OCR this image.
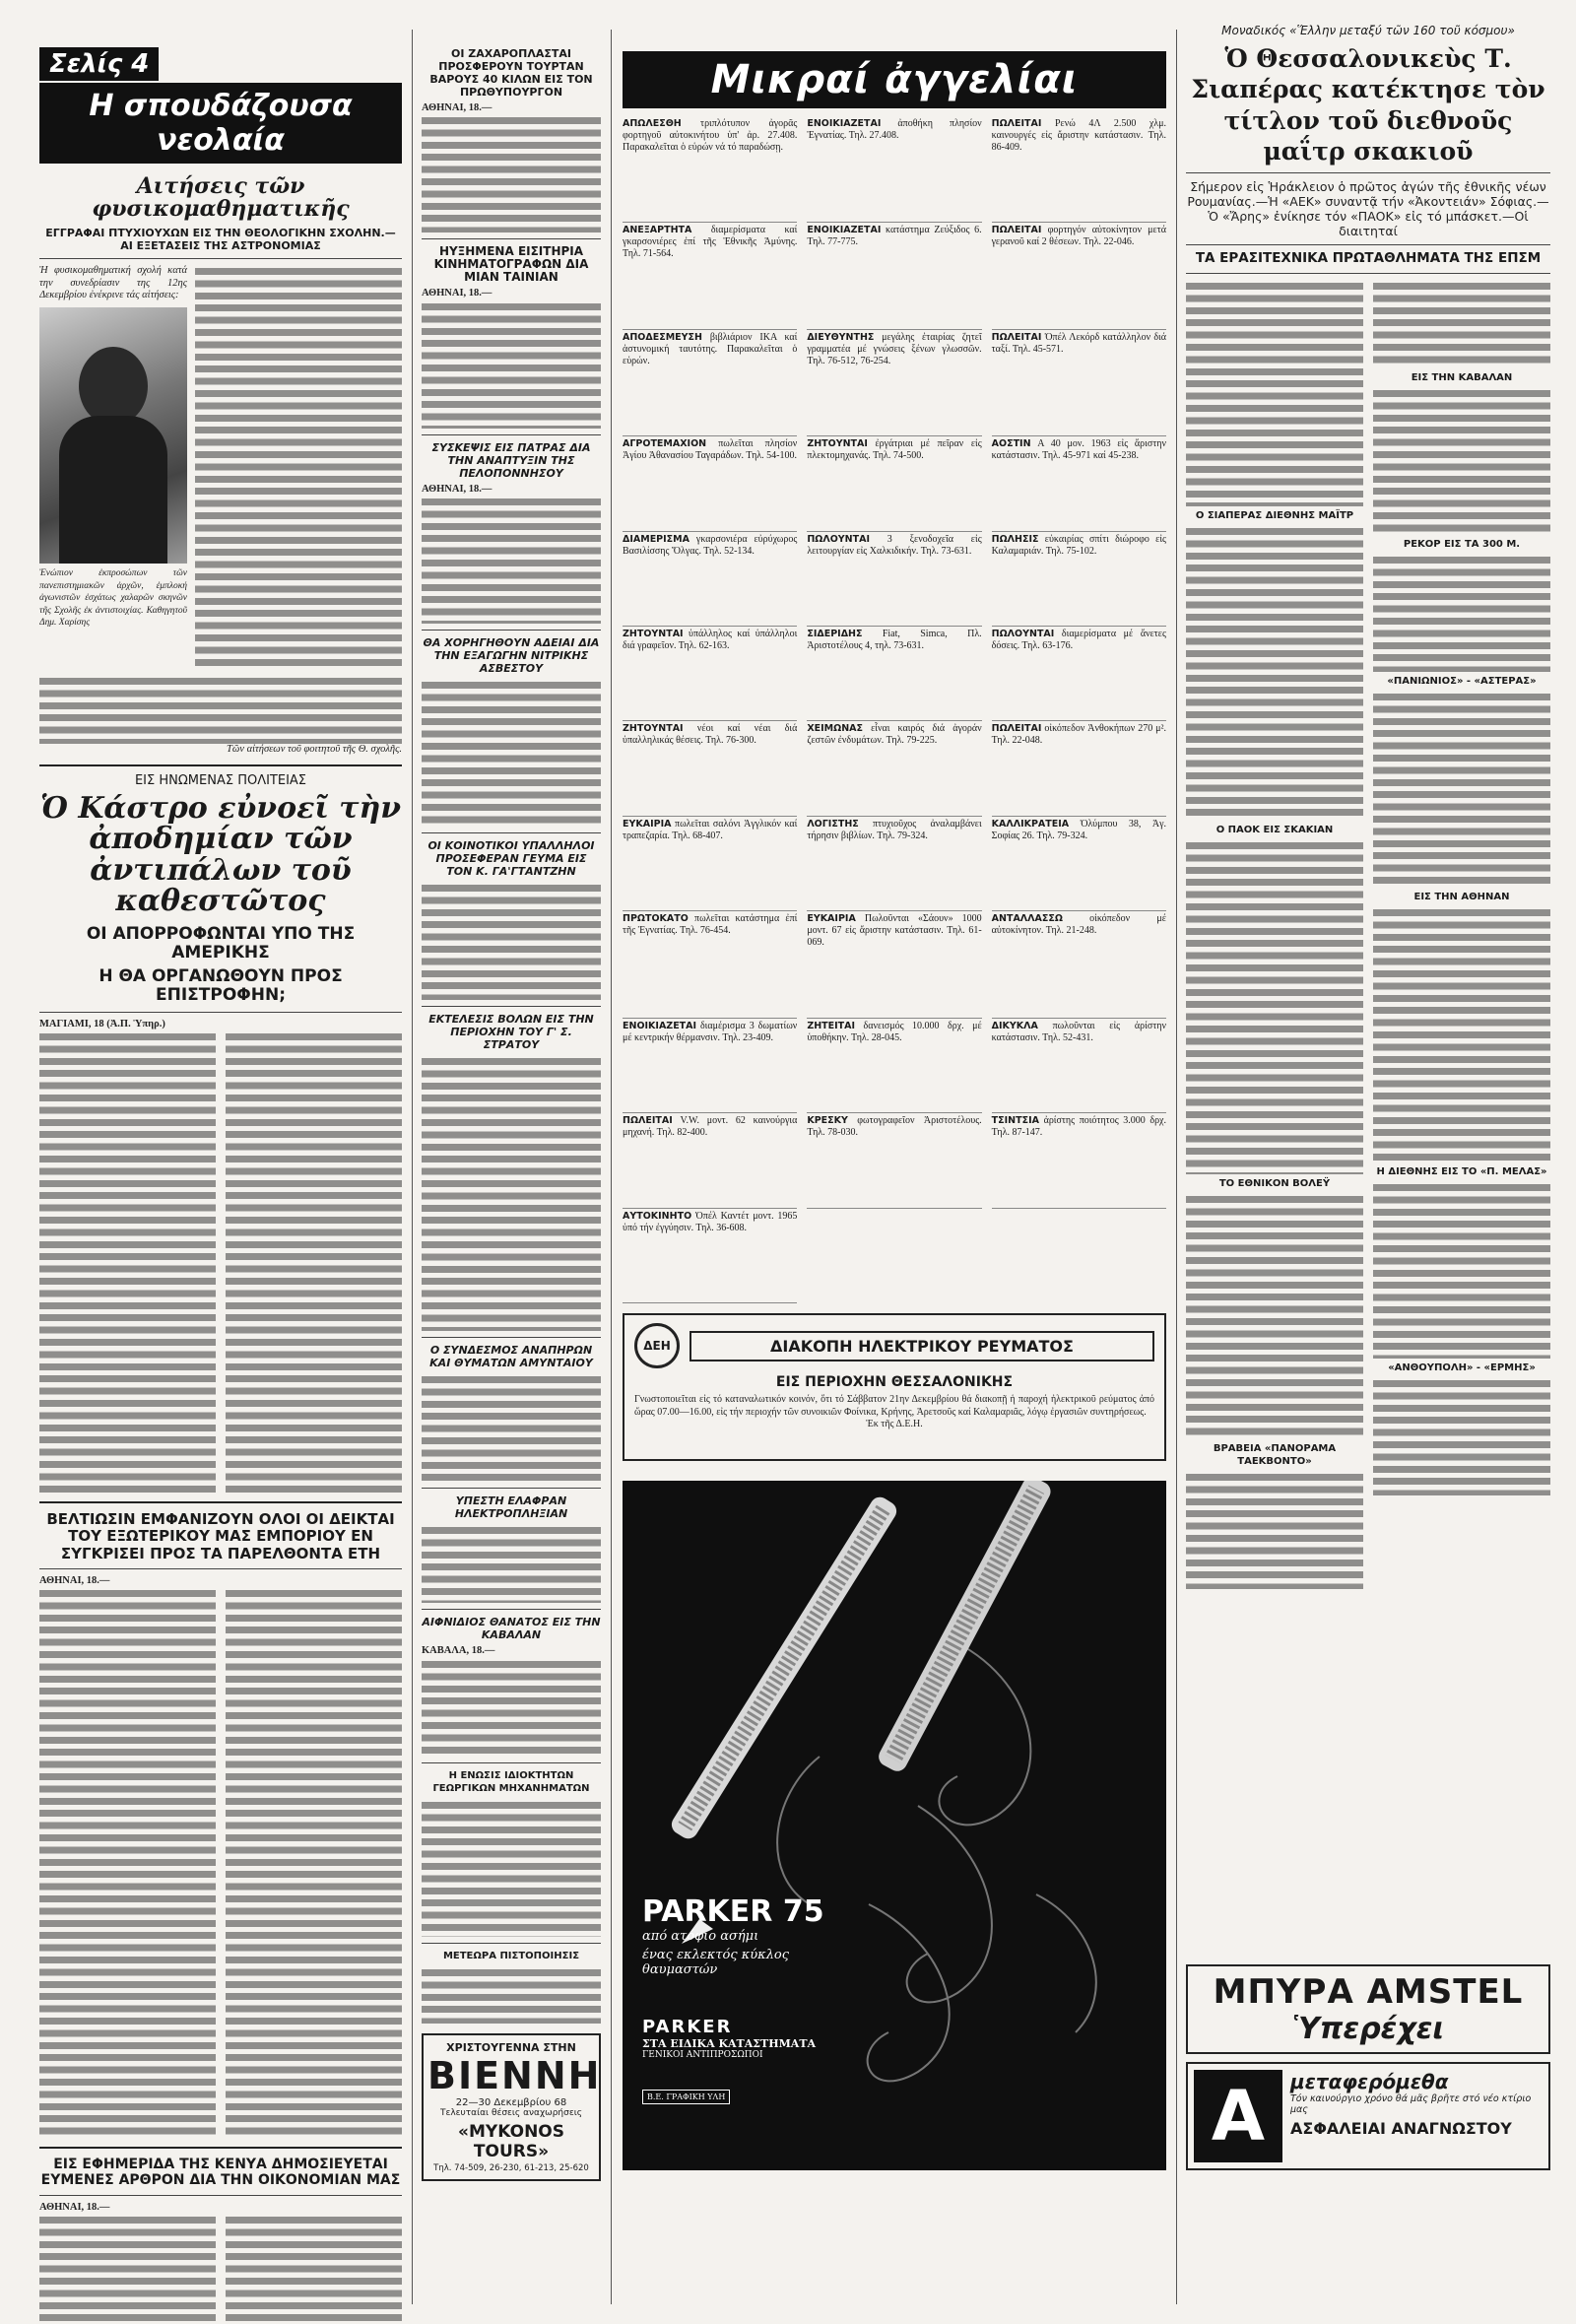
Σελίς 4
Η σπουδάζουσα νεολαία
Αιτήσεις τῶν φυσικομαθηματικῆς
ΕΓΓΡΑΦΑΙ ΠΤΥΧΙΟΥΧΩΝ ΕΙΣ ΤΗΝ ΘΕΟΛΟΓΙΚΗΝ ΣΧΟΛΗΝ.— ΑΙ ΕΞΕΤΑΣΕΙΣ ΤΗΣ ΑΣΤΡΟΝΟΜΙΑΣ
Ἡ φυσικομαθηματική σχολή κατά την συνεδρίασιν της 12ης Δεκεμβρίου ἐνέκρινε τάς αἰτήσεις:
Ἐνώπιον ἐκπροσώπων τῶν πανεπιστημιακῶν ἀρχῶν, ἐμπλοκή ἀγωνιστῶν ἐσχάτως χαλαρῶν σκηνῶν τῆς Σχολῆς ἐκ ἀντιστοιχίας. Καθηγητοῦ Δημ. Χαρίσης
Τῶν αἰτήσεων τοῦ φοιτητοῦ τῆς Θ. σχολῆς.
ΕΙΣ ΗΝΩΜΕΝΑΣ ΠΟΛΙΤΕΙΑΣ
Ὁ Κάστρο εὐνοεῖ τὴν ἀποδημίαν τῶν ἀντιπάλων τοῦ καθεστῶτος
ΟΙ ΑΠΟΡΡΟΦΩΝΤΑΙ ΥΠΟ ΤΗΣ ΑΜΕΡΙΚΗΣ
Η ΘΑ ΟΡΓΑΝΩΘΟΥΝ ΠΡΟΣ ΕΠΙΣΤΡΟΦΗΝ;
ΜΑΓΙΑΜΙ, 18 (Ἀ.Π. Ὑπηρ.)
ΒΕΛΤΙΩΣΙΝ ΕΜΦΑΝΙΖΟΥΝ ΟΛΟΙ ΟΙ ΔΕΙΚΤΑΙ ΤΟΥ ΕΞΩΤΕΡΙΚΟΥ ΜΑΣ ΕΜΠΟΡΙΟΥ ΕΝ ΣΥΓΚΡΙΣΕΙ ΠΡΟΣ ΤΑ ΠΑΡΕΛΘΟΝΤΑ ΕΤΗ
ΑΘΗΝΑΙ, 18.—
ΕΙΣ ΕΦΗΜΕΡΙΔΑ ΤΗΣ ΚΕΝΥΑ ΔΗΜΟΣΙΕΥΕΤΑΙ ΕΥΜΕΝΕΣ ΑΡΘΡΟΝ ΔΙΑ ΤΗΝ ΟΙΚΟΝΟΜΙΑΝ ΜΑΣ
ΑΘΗΝΑΙ, 18.—
ΟΙ ΖΑΧΑΡΟΠΛΑΣΤΑΙ ΠΡΟΣΦΕΡΟΥΝ ΤΟΥΡΤΑΝ ΒΑΡΟΥΣ 40 ΚΙΛΩΝ ΕΙΣ ΤΟΝ ΠΡΩΘΥΠΟΥΡΓΟΝ
ΑΘΗΝΑΙ, 18.—
ΗΥΞΗΜΕΝΑ ΕΙΣΙΤΗΡΙΑ ΚΙΝΗΜΑΤΟΓΡΑΦΩΝ ΔΙΑ ΜΙΑΝ ΤΑΙΝΙΑΝ
ΑΘΗΝΑΙ, 18.—
ΣΥΣΚΕΨΙΣ ΕΙΣ ΠΑΤΡΑΣ ΔΙΑ ΤΗΝ ΑΝΑΠΤΥΞΙΝ ΤΗΣ ΠΕΛΟΠΟΝΝΗΣΟΥ
ΑΘΗΝΑΙ, 18.—
ΘΑ ΧΟΡΗΓΗΘΟΥΝ ΑΔΕΙΑΙ ΔΙΑ ΤΗΝ ΕΞΑΓΩΓΗΝ ΝΙΤΡΙΚΗΣ ΑΣΒΕΣΤΟΥ
ΟΙ ΚΟΙΝΟΤΙΚΟΙ ΥΠΑΛΛΗΛΟΙ ΠΡΟΣΕΦΕΡΑΝ ΓΕΥΜΑ ΕΙΣ ΤΟΝ Κ. ΓΑ'ΓΤΑΝΤΖΗΝ
ΕΚΤΕΛΕΣΙΣ ΒΟΛΩΝ ΕΙΣ ΤΗΝ ΠΕΡΙΟΧΗΝ ΤΟΥ Γ' Σ. ΣΤΡΑΤΟΥ
Ο ΣΥΝΔΕΣΜΟΣ ΑΝΑΠΗΡΩΝ ΚΑΙ ΘΥΜΑΤΩΝ ΑΜΥΝΤΑΙΟΥ
ΥΠΕΣΤΗ ΕΛΑΦΡΑΝ ΗΛΕΚΤΡΟΠΛΗΞΙΑΝ
ΑΙΦΝΙΔΙΟΣ ΘΑΝΑΤΟΣ ΕΙΣ ΤΗΝ ΚΑΒΑΛΑΝ
ΚΑΒΑΛΑ, 18.—
Η ΕΝΩΣΙΣ ΙΔΙΟΚΤΗΤΩΝ ΓΕΩΡΓΙΚΩΝ ΜΗΧΑΝΗΜΑΤΩΝ
ΜΕΤΕΩΡΑ ΠΙΣΤΟΠΟΙΗΣΙΣ
ΧΡΙΣΤΟΥΓΕΝΝΑ ΣΤΗΝ
ΒΙΕΝΝΗ
22—30 Δεκεμβρίου 68
Τελευταίαι θέσεις αναχωρήσεις
«MYKONOS TOURS»
Τηλ. 74-509, 26-230, 61-213, 25-620
Μικραί ἀγγελίαι
ΑΠΩΛΕΣΘΗ τριπλότυπον ἀγορᾶς φορτηγοῦ αὐτοκινήτου ὑπ' ἀρ. 27.408. Παρακαλεῖται ὁ εὑρών νά τό παραδώσῃ.
ΕΝΟΙΚΙΑΖΕΤΑΙ ἀποθήκη πλησίον Ἐγνατίας. Τηλ. 27.408.
ΠΩΛΕΙΤΑΙ Ρενώ 4Λ 2.500 χλμ. καινουργές εἰς ἄριστην κατάστασιν. Τηλ. 86-409.
ΑΝΕΞΑΡΤΗΤΑ διαμερίσματα καί γκαρσονιέρες ἐπί τῆς Ἐθνικῆς Ἀμύνης. Τηλ. 71-564.
ΕΝΟΙΚΙΑΖΕΤΑΙ κατάστημα Ζεύξιδος 6. Τηλ. 77-775.
ΠΩΛΕΙΤΑΙ φορτηγόν αὐτοκίνητον μετά γερανοῦ καί 2 θέσεων. Τηλ. 22-046.
ΑΠΟΔΕΣΜΕΥΣΗ βιβλιάριον ΙΚΑ καί ἀστυνομική ταυτότης. Παρακαλεῖται ὁ εὑρών.
ΔΙΕΥΘΥΝΤΗΣ μεγάλης ἐταιρίας ζητεῖ γραμματέα μέ γνώσεις ξένων γλωσσῶν. Τηλ. 76-512, 76-254.
ΠΩΛΕΙΤΑΙ Ὀπέλ Λεκόρδ κατάλληλον διά ταξί. Τηλ. 45-571.
ΑΓΡΟΤΕΜΑΧΙΟΝ πωλεῖται πλησίον Ἀγίου Ἀθανασίου Ταγαράδων. Τηλ. 54-100.
ΖΗΤΟΥΝΤΑΙ ἐργάτριαι μέ πεῖραν εἰς πλεκτομηχανάς. Τηλ. 74-500.
ΑΟΣΤΙΝ A 40 μον. 1963 εἰς ἄριστην κατάστασιν. Τηλ. 45-971 καί 45-238.
ΔΙΑΜΕΡΙΣΜΑ γκαρσονιέρα εὐρύχωρος Βασιλίσσης Ὄλγας. Τηλ. 52-134.
ΠΩΛΟΥΝΤΑΙ 3 ξενοδοχεῖα εἰς λειτουργίαν εἰς Χαλκιδικήν. Τηλ. 73-631.
ΠΩΛΗΣΙΣ εὐκαιρίας σπίτι διώροφο εἰς Καλαμαριάν. Τηλ. 75-102.
ΖΗΤΟΥΝΤΑΙ ὑπάλληλος καί ὑπάλληλοι διά γραφεῖον. Τηλ. 62-163.
ΣΙΔΕΡΙΔΗΣ Fiat, Simca, Πλ. Ἀριστοτέλους 4, τηλ. 73-631.
ΠΩΛΟΥΝΤΑΙ διαμερίσματα μέ ἄνετες δόσεις. Τηλ. 63-176.
ΖΗΤΟΥΝΤΑΙ νέοι καί νέαι διά ὑπαλληλικάς θέσεις. Τηλ. 76-300.
ΧΕΙΜΩΝΑΣ εἶναι καιρός διά ἀγοράν ζεστῶν ἐνδυμάτων. Τηλ. 79-225.
ΠΩΛΕΙΤΑΙ οἰκόπεδον Ἀνθοκήπων 270 μ². Τηλ. 22-048.
ΕΥΚΑΙΡΙΑ πωλεῖται σαλόνι Ἀγγλικόν καί τραπεζαρία. Τηλ. 68-407.
ΛΟΓΙΣΤΗΣ πτυχιοῦχος ἀναλαμβάνει τήρησιν βιβλίων. Τηλ. 79-324.
ΚΑΛΛΙΚΡΑΤΕΙΑ Ὀλύμπου 38, Ἀγ. Σοφίας 26. Τηλ. 79-324.
ΠΡΩΤΟΚΑΤΟ πωλεῖται κατάστημα ἐπί τῆς Ἐγνατίας. Τηλ. 76-454.
ΕΥΚΑΙΡΙΑ Πωλοῦνται «Σάουν» 1000 μοντ. 67 εἰς ἄριστην κατάστασιν. Τηλ. 61-069.
ΑΝΤΑΛΛΑΣΣΩ	οἰκόπεδον μέ αὐτοκίνητον. Τηλ. 21-248.
ΕΝΟΙΚΙΑΖΕΤΑΙ διαμέρισμα 3 δωματίων μέ κεντρικήν θέρμανσιν. Τηλ. 23-409.
ΖΗΤΕΙΤΑΙ δανεισμός 10.000 δρχ. μέ ὑποθήκην. Τηλ. 28-045.
ΔΙΚΥΚΛΑ πωλοῦνται εἰς ἀρίστην κατάστασιν. Τηλ. 52-431.
ΠΩΛΕΙΤΑΙ V.W. μοντ. 62 καινούργια μηχανή. Τηλ. 82-400.
ΚΡΕΣΚΥ φωτογραφεῖον Ἀριστοτέλους. Τηλ. 78-030.
ΤΣΙΝΤΣΙΑ ἀρίστης ποιότητος 3.000 δρχ. Τηλ. 87-147.
ΑΥΤΟΚΙΝΗΤΟ Ὀπέλ Καντέτ μοντ. 1965 ὑπό τήν ἐγγύησιν. Τηλ. 36-608.
ΔΕΗ	ΔΙΑΚΟΠΗ ΗΛΕΚΤΡΙΚΟΥ ΡΕΥΜΑΤΟΣ
ΕΙΣ ΠΕΡΙΟΧΗΝ ΘΕΣΣΑΛΟΝΙΚΗΣ
Γνωστοποιεῖται εἰς τό καταναλωτικόν κοινόν, ὅτι τό Σάββατον 21ην Δεκεμβρίου θά διακοπῇ ἡ παροχή ἠλεκτρικοῦ ρεύματος ἀπό ὥρας 07.00—16.00, εἰς τήν περιοχήν τῶν συνοικιῶν Φοίνικα, Κρήνης, Ἀρετσοῦς καί Καλαμαριᾶς, λόγῳ ἐργασιῶν συντηρήσεως.
Ἐκ τῆς Δ.Ε.Η.
PARKER 75
από ατόφιο ασήμι
ένας εκλεκτός κύκλος θαυμαστών
PARKER
ΣΤΑ ΕΙΔΙΚΑ ΚΑΤΑΣΤΗΜΑΤΑ
ΓΕΝΙΚΟΙ ΑΝΤΙΠΡΟΣΩΠΟΙ
Β.Ε. ΓΡΑΦΙΚΗ ΥΛΗ
Μοναδικός «Ἕλλην μεταξύ τῶν 160 τοῦ κόσμου»
Ὁ Θεσσαλονικεὺς Τ. Σιαπέρας κατέκτησε τὸν τίτλον τοῦ διεθνοῦς μαΐτρ σκακιοῦ
Σήμερον εἰς Ἡράκλειον ὁ πρῶτος ἀγών τῆς ἐθνικῆς νέων Ρουμανίας.—Ἡ «ΑΕΚ» συναντᾷ τήν «Ἀκοντειάν» Σόφιας.—Ὁ «Ἄρης» ἐνίκησε τόν «ΠΑΟΚ» εἰς τό μπάσκετ.—Οἱ διαιτηταί
ΤΑ ΕΡΑΣΙΤΕΧΝΙΚΑ ΠΡΩΤΑΘΛΗΜΑΤΑ ΤΗΣ ΕΠΣΜ
Ο ΣΙΑΠΕΡΑΣ ΔΙΕΘΝΗΣ ΜΑΪΤΡ
Ο ΠΑΟΚ ΕΙΣ ΣΚΑΚΙΑΝ
ΤΟ ΕΘΝΙΚΟΝ ΒΟΛΕΫ
ΒΡΑΒΕΙΑ «ΠΑΝΟΡΑΜΑ ΤΑΕΚΒΟΝΤΟ»
ΕΙΣ ΤΗΝ ΚΑΒΑΛΑΝ
ΡΕΚΟΡ ΕΙΣ ΤΑ 300 Μ.
«ΠΑΝΙΩΝΙΟΣ» - «ΑΣΤΕΡΑΣ»
ΕΙΣ ΤΗΝ ΑΘΗΝΑΝ
Η ΔΙΕΘΝΗΣ ΕΙΣ ΤΟ «Π. ΜΕΛΑΣ»
«ΑΝΘΟΥΠΟΛΗ» - «ΕΡΜΗΣ»
ΜΠΥΡΑ AMSTEL
Ὑπερέχει
A	μεταφερόμεθα
Τόν καινούργιο χρόνο θά μᾶς βρῆτε στό νέο κτίριο μας
ΑΣΦΑΛΕΙΑΙ ΑΝΑΓΝΩΣΤΟΥ
